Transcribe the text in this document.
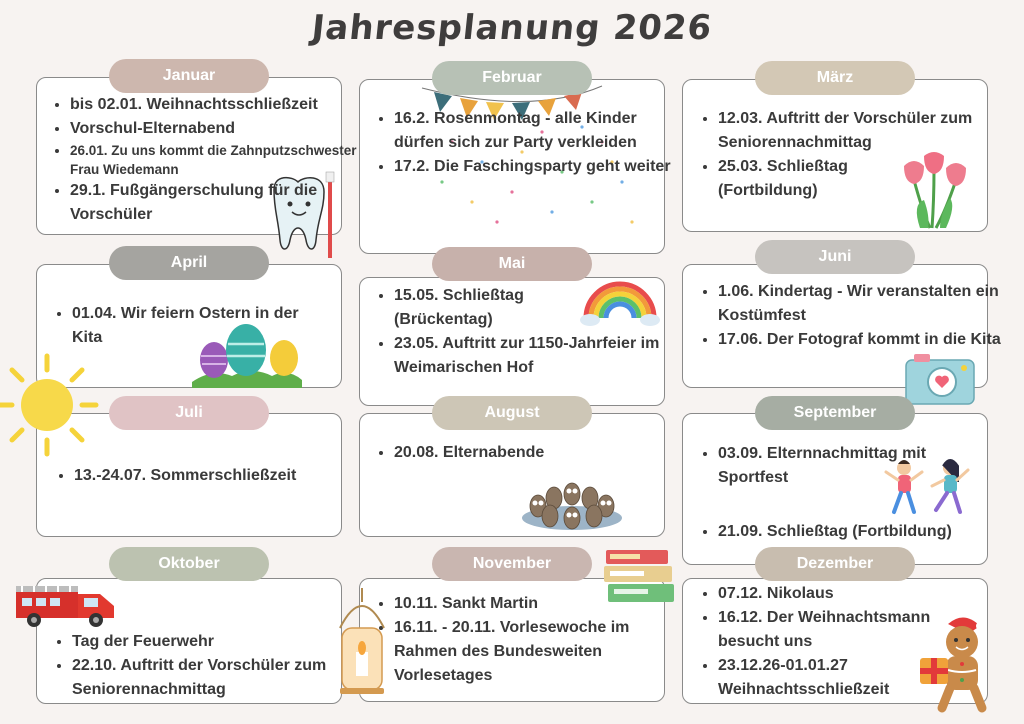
Jahresplanung 2026
Januar
• bis 02.01. Weihnachtsschließzeit
• Vorschul-Elternabend
• 26.01. Zu uns kommt die Zahnputzschwester Frau Wiedemann
• 29.1. Fußgängerschulung für die Vorschüler
Februar
• 16.2. Rosenmontag - alle Kinder dürfen sich zur Party verkleiden
• 17.2. Die Faschingsparty geht weiter
März
• 12.03. Auftritt der Vorschüler zum Seniorennachmittag
• 25.03. Schließtag (Fortbildung)
April
• 01.04. Wir feiern Ostern in der Kita
Mai
• 15.05. Schließtag (Brückentag)
• 23.05. Auftritt zur 1150-Jahrfeier im Weimarischen Hof
Juni
• 1.06. Kindertag - Wir veranstalten ein Kostümfest
• 17.06. Der Fotograf kommt in die Kita
Juli
• 13.-24.07. Sommerschließzeit
August
• 20.08. Elternabende
September
• 03.09. Elternnachmittag mit Sportfest
• 21.09. Schließtag (Fortbildung)
Oktober
• Tag der Feuerwehr
• 22.10. Auftritt der Vorschüler zum Seniorennachmittag
November
• 10.11. Sankt Martin
• 16.11. - 20.11. Vorlesewoche im Rahmen des Bundesweiten Vorlesetages
Dezember
• 07.12. Nikolaus
• 16.12. Der Weihnachtsmann besucht uns
• 23.12.26-01.01.27 Weihnachtsschließzeit
